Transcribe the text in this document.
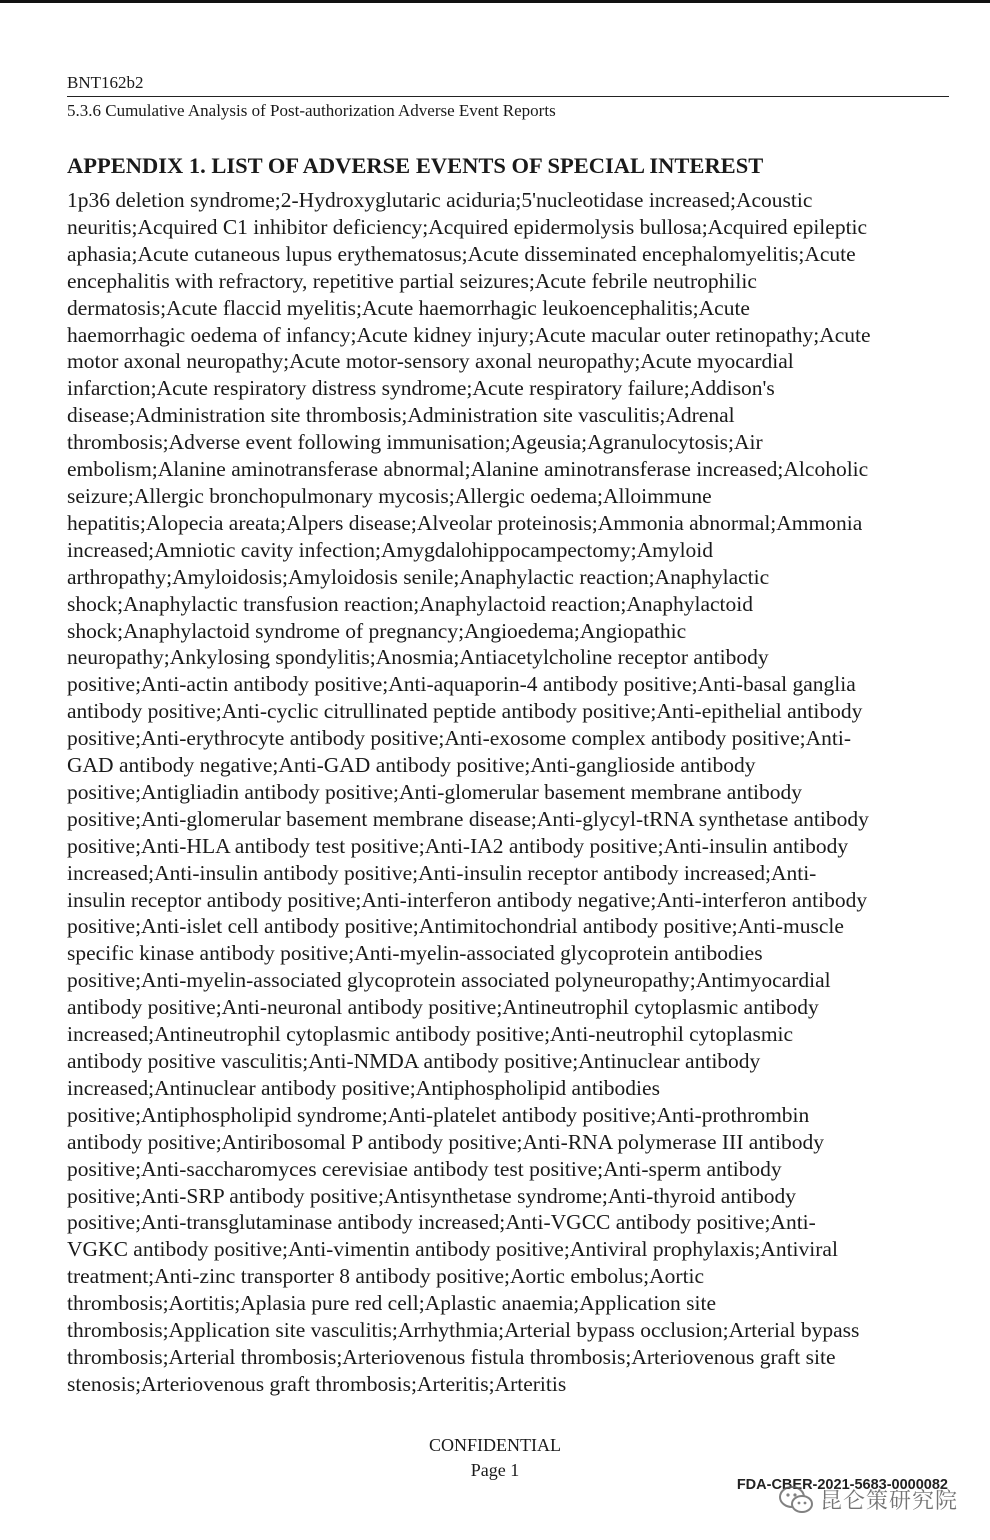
BNT162b2
5.3.6 Cumulative Analysis of Post-authorization Adverse Event Reports
APPENDIX 1. LIST OF ADVERSE EVENTS OF SPECIAL INTEREST
1p36 deletion syndrome;2-Hydroxyglutaric aciduria;5'nucleotidase increased;Acoustic
neuritis;Acquired C1 inhibitor deficiency;Acquired epidermolysis bullosa;Acquired epileptic
aphasia;Acute cutaneous lupus erythematosus;Acute disseminated encephalomyelitis;Acute
encephalitis with refractory, repetitive partial seizures;Acute febrile neutrophilic
dermatosis;Acute flaccid myelitis;Acute haemorrhagic leukoencephalitis;Acute
haemorrhagic oedema of infancy;Acute kidney injury;Acute macular outer retinopathy;Acute
motor axonal neuropathy;Acute motor-sensory axonal neuropathy;Acute myocardial
infarction;Acute respiratory distress syndrome;Acute respiratory failure;Addison's
disease;Administration site thrombosis;Administration site vasculitis;Adrenal
thrombosis;Adverse event following immunisation;Ageusia;Agranulocytosis;Air
embolism;Alanine aminotransferase abnormal;Alanine aminotransferase increased;Alcoholic
seizure;Allergic bronchopulmonary mycosis;Allergic oedema;Alloimmune
hepatitis;Alopecia areata;Alpers disease;Alveolar proteinosis;Ammonia abnormal;Ammonia
increased;Amniotic cavity infection;Amygdalohippocampectomy;Amyloid
arthropathy;Amyloidosis;Amyloidosis senile;Anaphylactic reaction;Anaphylactic
shock;Anaphylactic transfusion reaction;Anaphylactoid reaction;Anaphylactoid
shock;Anaphylactoid syndrome of pregnancy;Angioedema;Angiopathic
neuropathy;Ankylosing spondylitis;Anosmia;Antiacetylcholine receptor antibody
positive;Anti-actin antibody positive;Anti-aquaporin-4 antibody positive;Anti-basal ganglia
antibody positive;Anti-cyclic citrullinated peptide antibody positive;Anti-epithelial antibody
positive;Anti-erythrocyte antibody positive;Anti-exosome complex antibody positive;Anti-
GAD antibody negative;Anti-GAD antibody positive;Anti-ganglioside antibody
positive;Antigliadin antibody positive;Anti-glomerular basement membrane antibody
positive;Anti-glomerular basement membrane disease;Anti-glycyl-tRNA synthetase antibody
positive;Anti-HLA antibody test positive;Anti-IA2 antibody positive;Anti-insulin antibody
increased;Anti-insulin antibody positive;Anti-insulin receptor antibody increased;Anti-
insulin receptor antibody positive;Anti-interferon antibody negative;Anti-interferon antibody
positive;Anti-islet cell antibody positive;Antimitochondrial antibody positive;Anti-muscle
specific kinase antibody positive;Anti-myelin-associated glycoprotein antibodies
positive;Anti-myelin-associated glycoprotein associated polyneuropathy;Antimyocardial
antibody positive;Anti-neuronal antibody positive;Antineutrophil cytoplasmic antibody
increased;Antineutrophil cytoplasmic antibody positive;Anti-neutrophil cytoplasmic
antibody positive vasculitis;Anti-NMDA antibody positive;Antinuclear antibody
increased;Antinuclear antibody positive;Antiphospholipid antibodies
positive;Antiphospholipid syndrome;Anti-platelet antibody positive;Anti-prothrombin
antibody positive;Antiribosomal P antibody positive;Anti-RNA polymerase III antibody
positive;Anti-saccharomyces cerevisiae antibody test positive;Anti-sperm antibody
positive;Anti-SRP antibody positive;Antisynthetase syndrome;Anti-thyroid antibody
positive;Anti-transglutaminase antibody increased;Anti-VGCC antibody positive;Anti-
VGKC antibody positive;Anti-vimentin antibody positive;Antiviral prophylaxis;Antiviral
treatment;Anti-zinc transporter 8 antibody positive;Aortic embolus;Aortic
thrombosis;Aortitis;Aplasia pure red cell;Aplastic anaemia;Application site
thrombosis;Application site vasculitis;Arrhythmia;Arterial bypass occlusion;Arterial bypass
thrombosis;Arterial thrombosis;Arteriovenous fistula thrombosis;Arteriovenous graft site
stenosis;Arteriovenous graft thrombosis;Arteritis;Arteritis
CONFIDENTIAL
Page 1
FDA-CBER-2021-5683-0000082
昆仑策研究院
